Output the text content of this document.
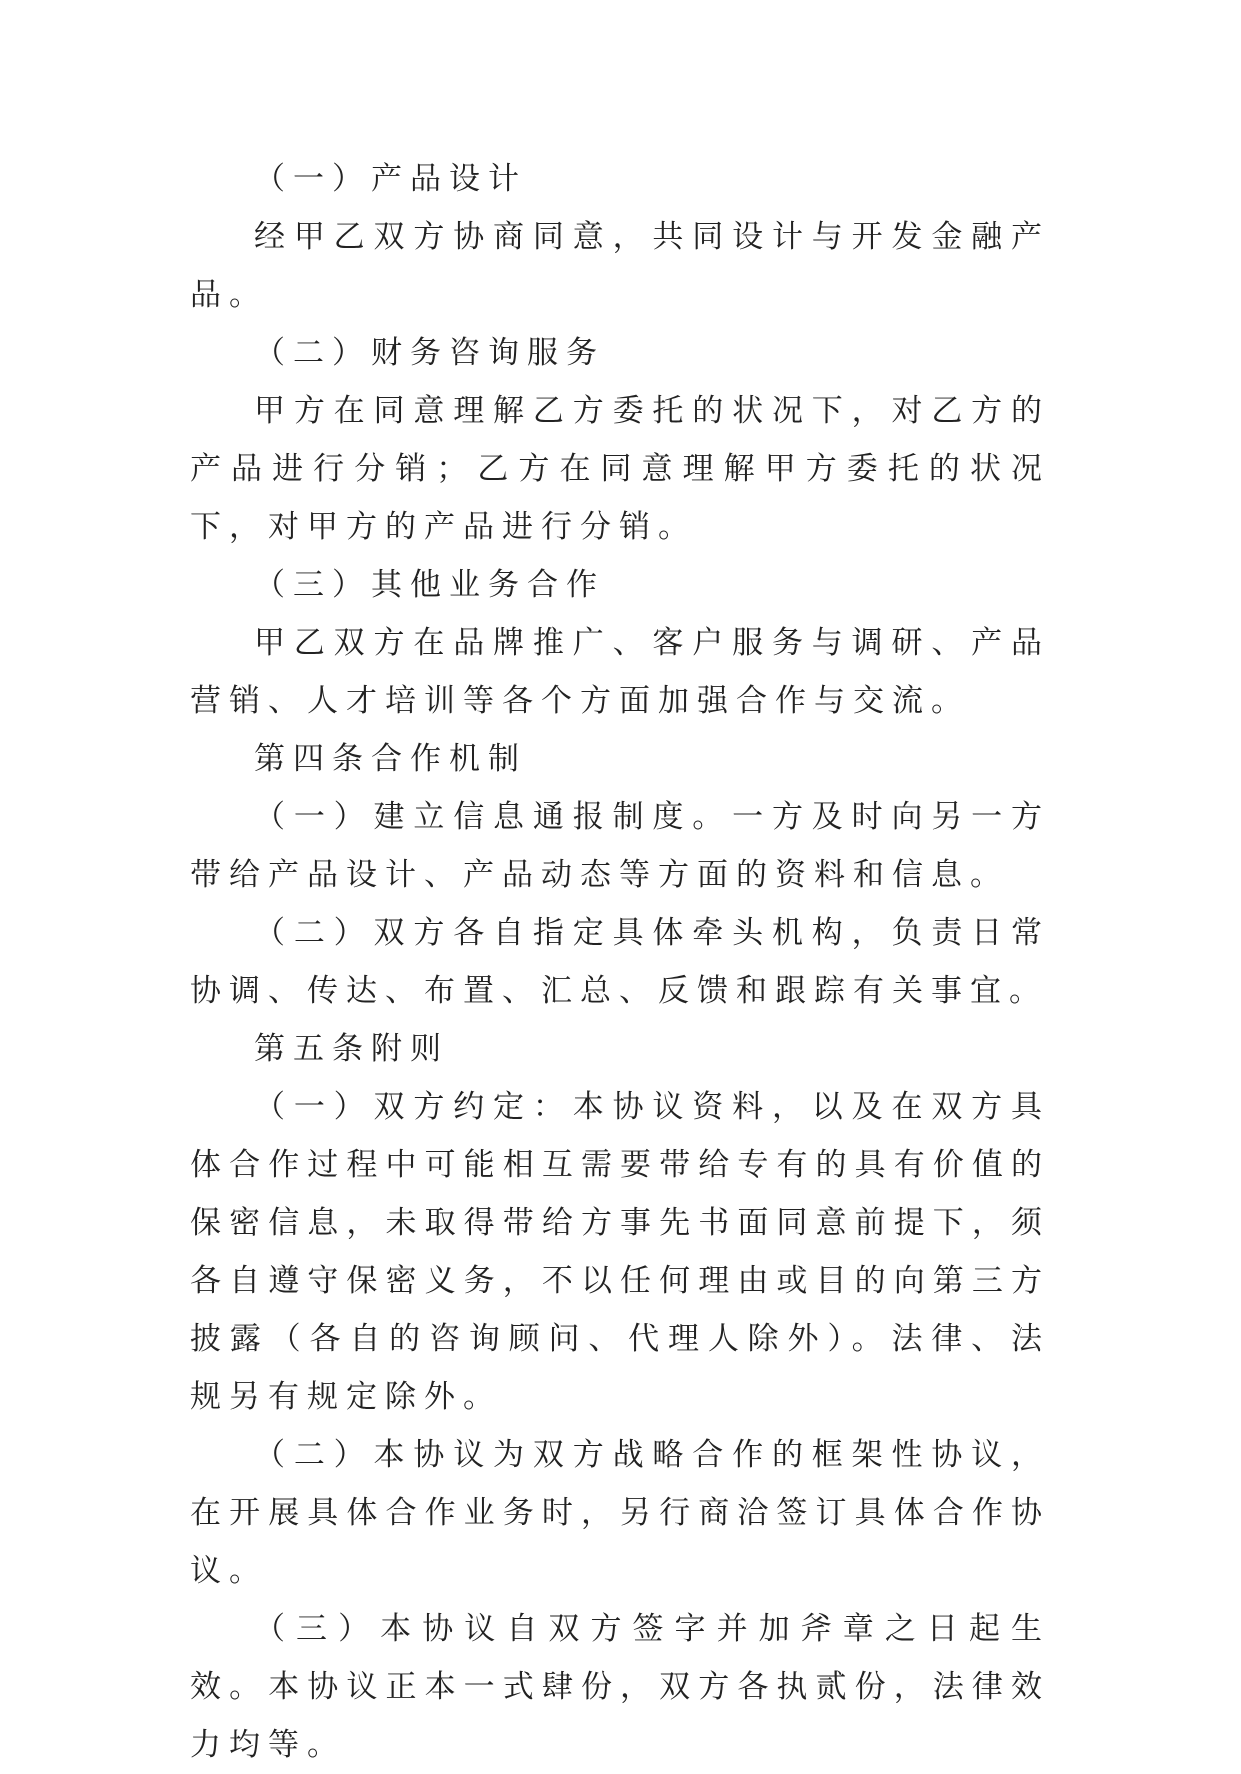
（一）产品设计

经甲乙双方协商同意，共同设计与开发金融产品。

（二）财务咨询服务

甲方在同意理解乙方委托的状况下，对乙方的产品进行分销；乙方在同意理解甲方委托的状况下，对甲方的产品进行分销。

（三）其他业务合作

甲乙双方在品牌推广、客户服务与调研、产品营销、人才培训等各个方面加强合作与交流。

第四条合作机制

（一）建立信息通报制度。一方及时向另一方带给产品设计、产品动态等方面的资料和信息。

（二）双方各自指定具体牵头机构，负责日常协调、传达、布置、汇总、反馈和跟踪有关事宜。

第五条附则

（一）双方约定：本协议资料，以及在双方具体合作过程中可能相互需要带给专有的具有价值的保密信息，未取得带给方事先书面同意前提下，须各自遵守保密义务，不以任何理由或目的向第三方披露（各自的咨询顾问、代理人除外）。法律、法规另有规定除外。

（二）本协议为双方战略合作的框架性协议，在开展具体合作业务时，另行商洽签订具体合作协议。

（三）本协议自双方签字并加斧章之日起生效。本协议正本一式肆份，双方各执贰份，法律效力均等。
